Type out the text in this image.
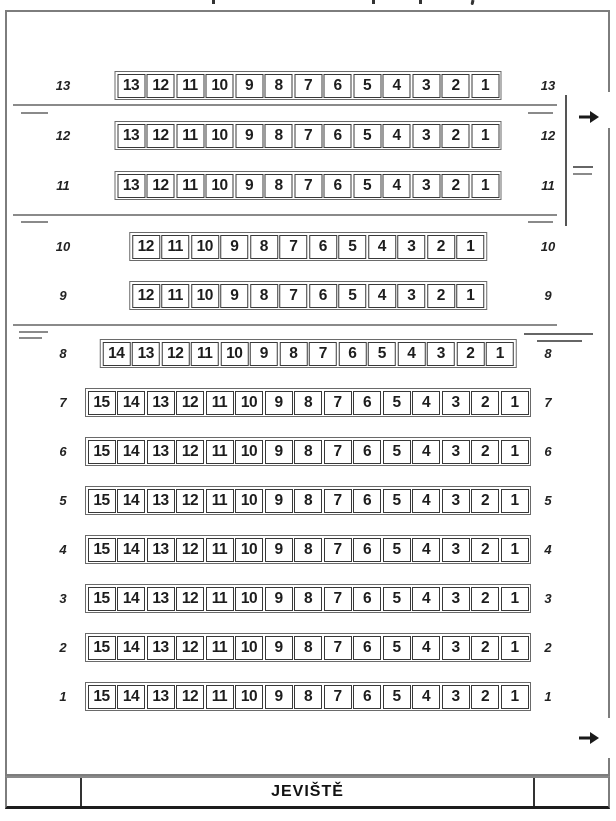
13	13 12 11 10	9	8	7	6	5	4	3	2	1	13
12	13 12 11 10	9	8	7	6	5	4	3	2	1	12
11	13 12 11 10	9	8	7	6	5	4	3	2	1	11
10	12 11 10	9	8	7	6	5	4	3	2	1	10
9	12 11 10	9	8	7	6	5	4	3	2	1	9
8	14 13 12 11 10	9	8	7	6	5	4	3	2	1	8
7	15 14 13 12 11 10	9	8	7	6	5	4	3	2	1	7
6	15 14 13 12 11 10	9	8	7	6	5	4	3	2	1	6
5	15 14 13 12 11 10	9	8	7	6	5	4	3	2	1	5
4	15 14 13 12 11 10	9	8	7	6	5	4	3	2	1	4
3	15 14 13 12 11 10	9	8	7	6	5	4	3	2	1	3
2	15 14 13 12 11 10	9	8	7	6	5	4	3	2	1	2
1	15 14 13 12 11 10	9	8	7	6	5	4	3	2	1	1
JEVIŠTĚ
